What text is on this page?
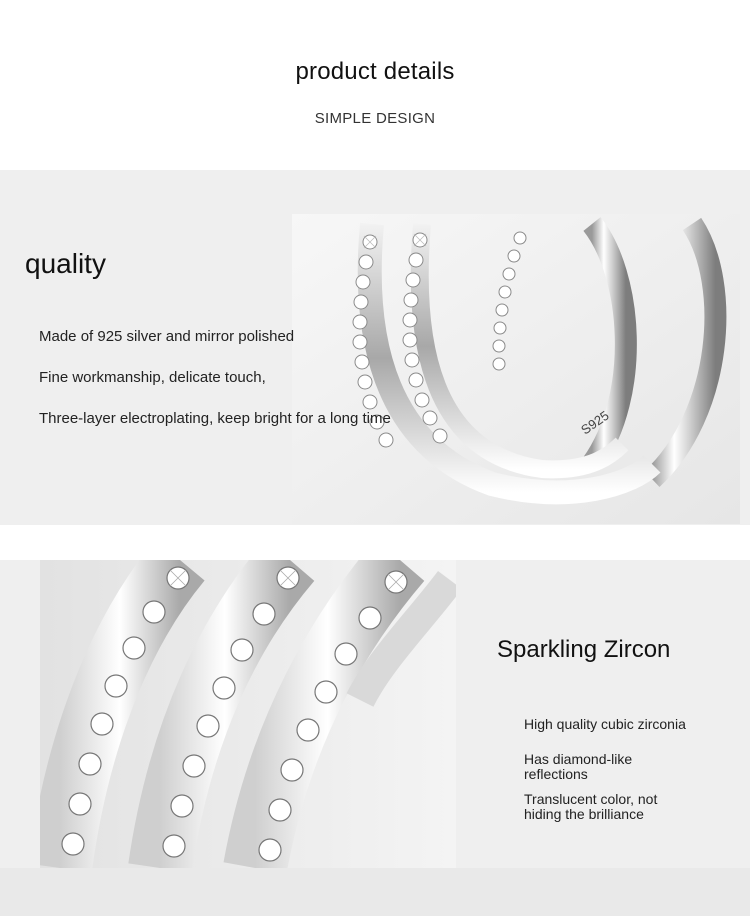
product details
SIMPLE DESIGN
S925
quality
Made of 925 silver and mirror polished
Fine workmanship, delicate touch,
Three-layer electroplating, keep bright for a long time
Sparkling Zircon
High quality cubic zirconia
Has diamond-like reflections
Translucent color, not hiding the brilliance
